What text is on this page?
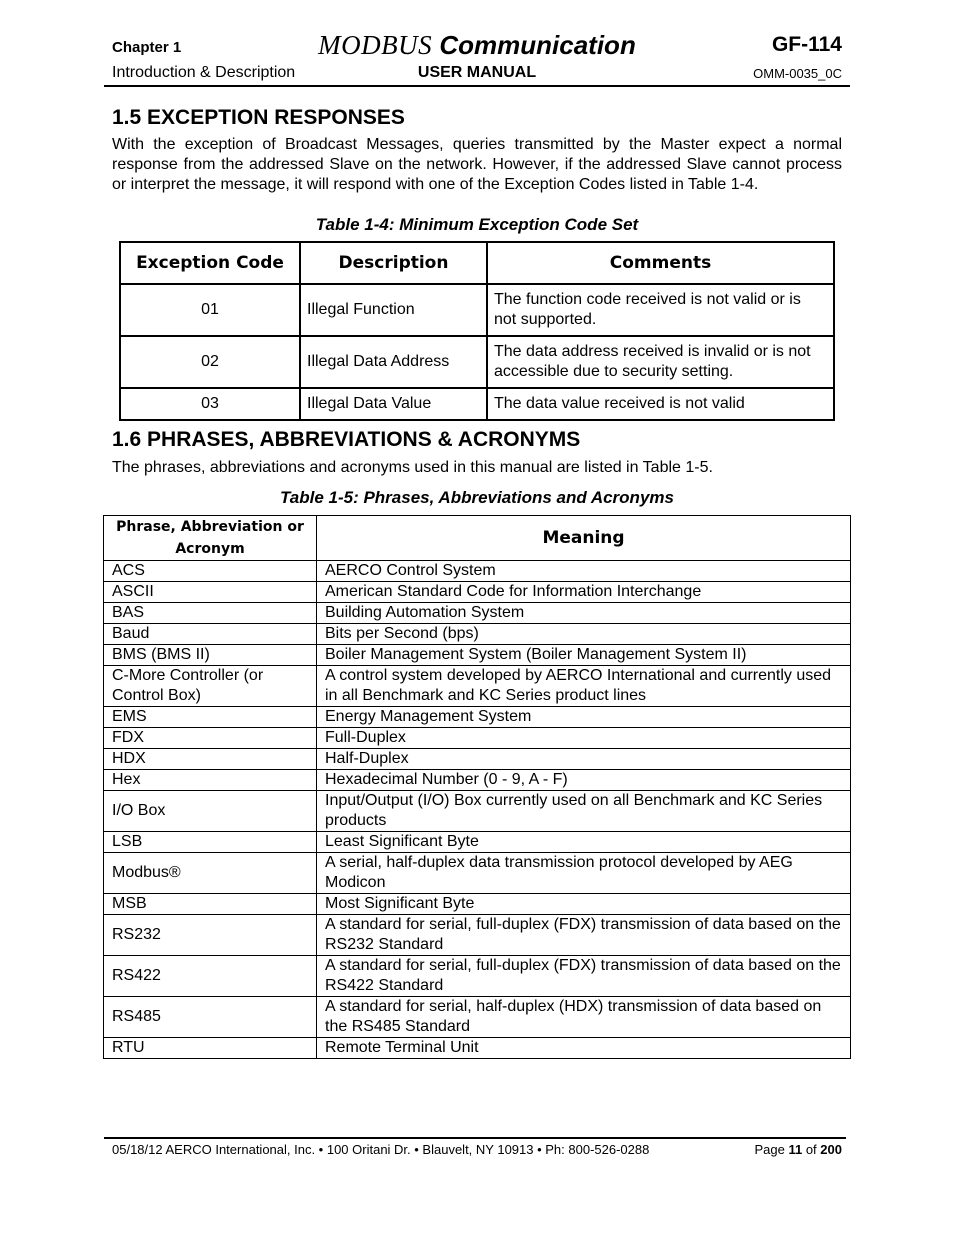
Chapter 1	MODBUS Communication	GF-114
Introduction & Description	USER MANUAL	OMM-0035_0C
1.5 EXCEPTION RESPONSES
With the exception of Broadcast Messages, queries transmitted by the Master expect a normal response from the addressed Slave on the network. However, if the addressed Slave cannot process or interpret the message, it will respond with one of the Exception Codes listed in Table 1-4.
Table 1-4: Minimum Exception Code Set
Exception Code	Description	Comments
01	Illegal Function	The function code received is not valid or is not supported.
02	Illegal Data Address	The data address received is invalid or is not accessible due to security setting.
03	Illegal Data Value	The data value received is not valid
1.6 PHRASES, ABBREVIATIONS & ACRONYMS
The phrases, abbreviations and acronyms used in this manual are listed in Table 1-5.
Table 1-5: Phrases, Abbreviations and Acronyms
Phrase, Abbreviation or Acronym	Meaning
ACS	AERCO Control System
ASCII	American Standard Code for Information Interchange
BAS	Building Automation System
Baud	Bits per Second (bps)
BMS (BMS II)	Boiler Management System (Boiler Management System II)
C-More Controller (or Control Box)	A control system developed by AERCO International and currently used in all Benchmark and KC Series product lines
EMS	Energy Management System
FDX	Full-Duplex
HDX	Half-Duplex
Hex	Hexadecimal Number (0 - 9, A - F)
I/O Box	Input/Output (I/O) Box currently used on all Benchmark and KC Series products
LSB	Least Significant Byte
Modbus®	A serial, half-duplex data transmission protocol developed by AEG Modicon
MSB	Most Significant Byte
RS232	A standard for serial, full-duplex (FDX) transmission of data based on the RS232 Standard
RS422	A standard for serial, full-duplex (FDX) transmission of data based on the RS422 Standard
RS485	A standard for serial, half-duplex (HDX) transmission of data based on the RS485 Standard
RTU	Remote Terminal Unit
05/18/12 AERCO International, Inc. • 100 Oritani Dr. • Blauvelt, NY 10913 • Ph: 800-526-0288	Page 11 of 200
